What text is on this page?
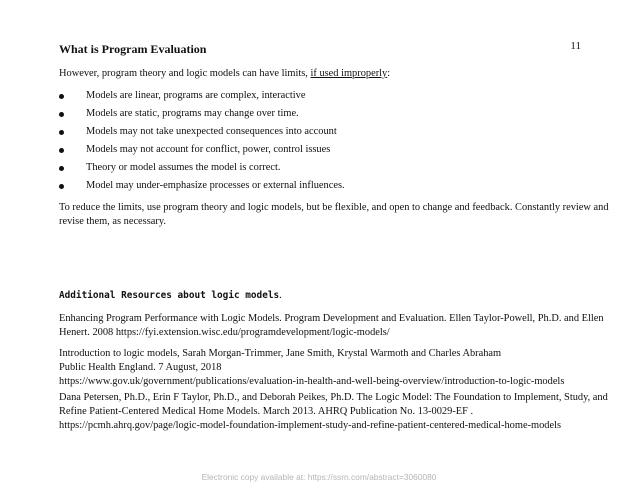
What is Program Evaluation	11
However, program theory and logic models can have limits, if used improperly:
Models are linear, programs are complex, interactive
Models are static, programs may change over time.
Models may not take unexpected consequences into account
Models may not account for conflict, power, control issues
Theory or model assumes the model is correct.
Model may under-emphasize processes or external influences.
To reduce the limits, use program theory and logic models, but be flexible, and open to change and feedback. Constantly review and
revise them, as necessary.
Additional Resources about logic models.
Enhancing Program Performance with Logic Models. Program Development and Evaluation. Ellen Taylor-Powell, Ph.D. and Ellen
Henert. 2008 https://fyi.extension.wisc.edu/programdevelopment/logic-models/
Introduction to logic models, Sarah Morgan-Trimmer, Jane Smith, Krystal Warmoth and Charles Abraham
Public Health England. 7 August, 2018
https://www.gov.uk/government/publications/evaluation-in-health-and-well-being-overview/introduction-to-logic-models
Dana Petersen, Ph.D., Erin F Taylor, Ph.D., and Deborah Peikes, Ph.D. The Logic Model: The Foundation to Implement, Study, and
Refine Patient-Centered Medical Home Models. March 2013. AHRQ Publication No. 13-0029-EF .
https://pcmh.ahrq.gov/page/logic-model-foundation-implement-study-and-refine-patient-centered-medical-home-models
Electronic copy available at: https://ssrn.com/abstract=3060080
